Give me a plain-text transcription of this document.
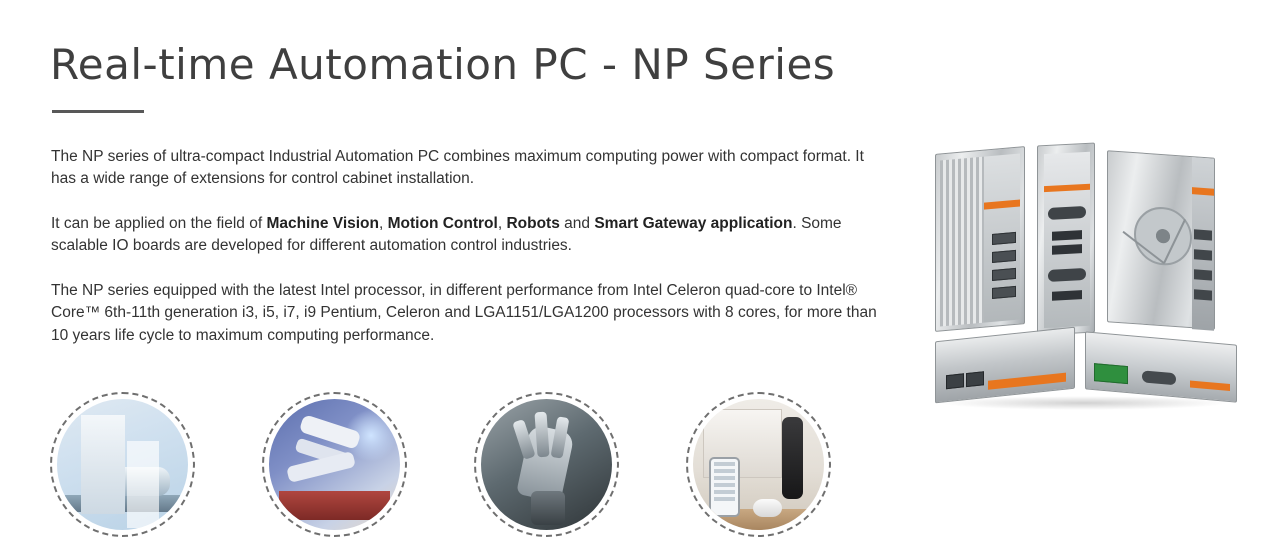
Real-time Automation PC - NP Series

The NP series of ultra-compact Industrial Automation PC combines maximum computing power with compact format. It has a wide range of extensions for control cabinet installation.

It can be applied on the field of Machine Vision, Motion Control, Robots and Smart Gateway application. Some scalable IO boards are developed for different automation control industries.

The NP series equipped with the latest Intel processor, in different performance from Intel Celeron quad-core to Intel® Core™ 6th-11th generation i3, i5, i7, i9 Pentium, Celeron and LGA1151/LGA1200 processors with 8 cores, for more than 10 years life cycle to maximum computing performance.
